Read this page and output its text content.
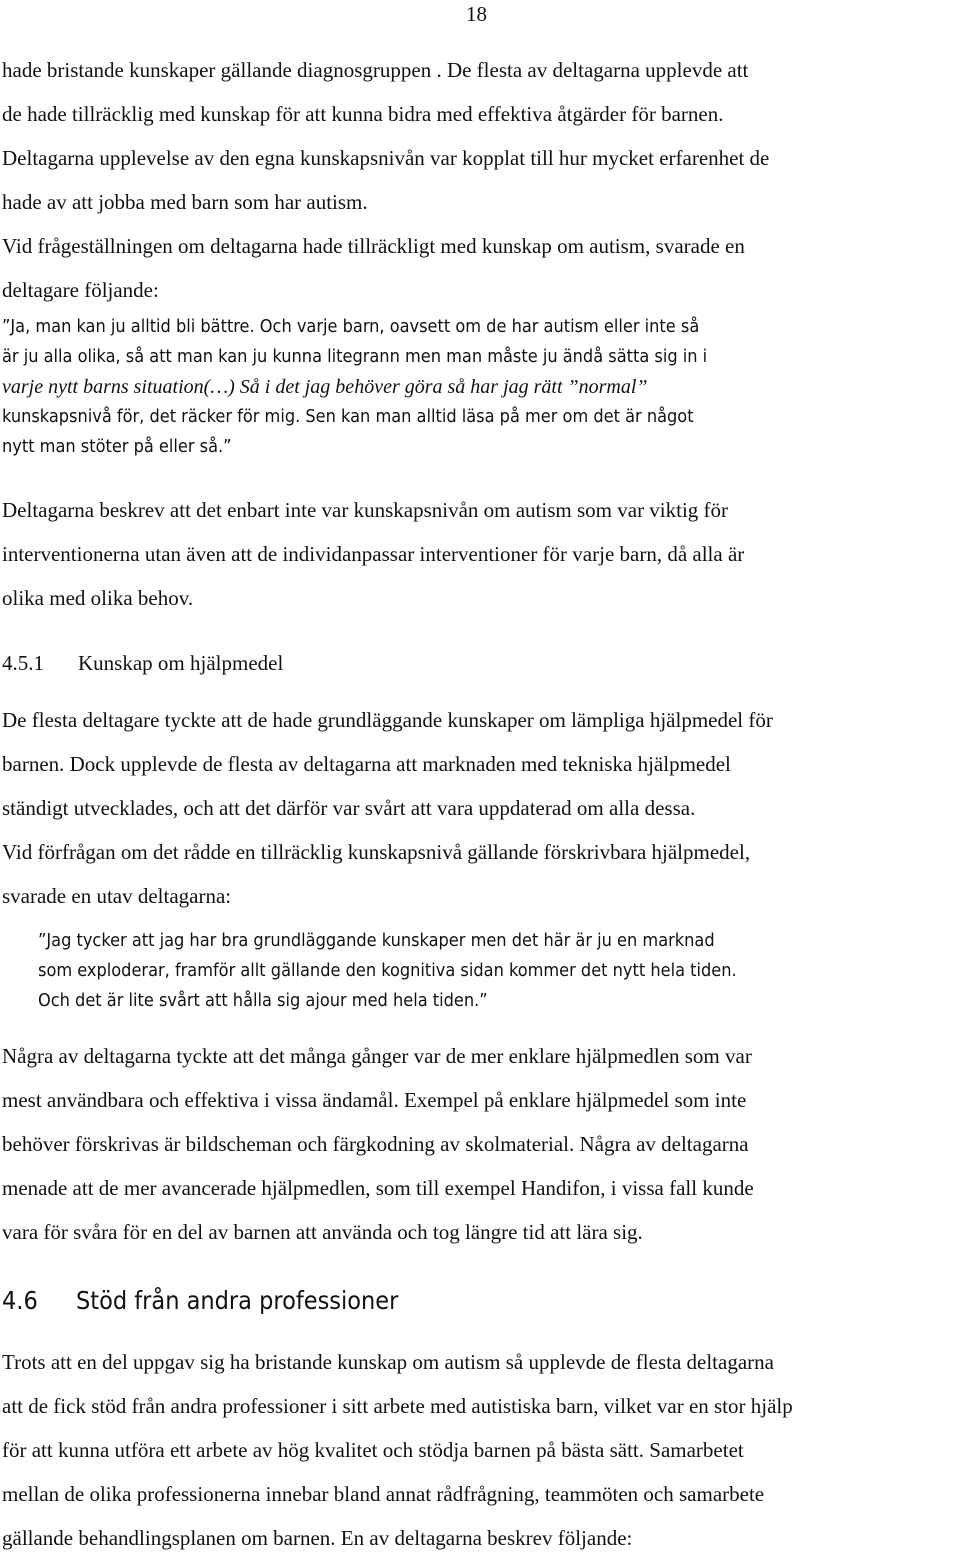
18
hade bristande kunskaper gällande diagnosgruppen . De flesta av deltagarna upplevde att
de hade tillräcklig med kunskap för att kunna bidra med effektiva åtgärder för barnen.
Deltagarna upplevelse av den egna kunskapsnivån var kopplat till hur mycket erfarenhet de
hade av att jobba med barn som har autism.
Vid frågeställningen om deltagarna hade tillräckligt med kunskap om autism, svarade en
deltagare följande:
”Ja, man kan ju alltid bli bättre. Och varje barn, oavsett om de har autism eller inte så
är ju alla olika, så att man kan ju kunna litegrann men man måste ju ändå sätta sig in i
varje nytt barns situation(…) Så i det jag behöver göra så har jag rätt ”normal”
kunskapsnivå för, det räcker för mig. Sen kan man alltid läsa på mer om det är något
nytt man stöter på eller så.”
Deltagarna beskrev att det enbart inte var kunskapsnivån om autism som var viktig för
interventionerna utan även att de individanpassar interventioner för varje barn, då alla är
olika med olika behov.
4.5.1 Kunskap om hjälpmedel
De flesta deltagare tyckte att de hade grundläggande kunskaper om lämpliga hjälpmedel för
barnen. Dock upplevde de flesta av deltagarna att marknaden med tekniska hjälpmedel
ständigt utvecklades, och att det därför var svårt att vara uppdaterad om alla dessa.
Vid förfrågan om det rådde en tillräcklig kunskapsnivå gällande förskrivbara hjälpmedel,
svarade en utav deltagarna:
”Jag tycker att jag har bra grundläggande kunskaper men det här är ju en marknad
som exploderar, framför allt gällande den kognitiva sidan kommer det nytt hela tiden.
Och det är lite svårt att hålla sig ajour med hela tiden.”
Några av deltagarna tyckte att det många gånger var de mer enklare hjälpmedlen som var
mest användbara och effektiva i vissa ändamål. Exempel på enklare hjälpmedel som inte
behöver förskrivas är bildscheman och färgkodning av skolmaterial. Några av deltagarna
menade att de mer avancerade hjälpmedlen, som till exempel Handifon, i vissa fall kunde
vara för svåra för en del av barnen att använda och tog längre tid att lära sig.
4.6 Stöd från andra professioner
Trots att en del uppgav sig ha bristande kunskap om autism så upplevde de flesta deltagarna
att de fick stöd från andra professioner i sitt arbete med autistiska barn, vilket var en stor hjälp
för att kunna utföra ett arbete av hög kvalitet och stödja barnen på bästa sätt. Samarbetet
mellan de olika professionerna innebar bland annat rådfrågning, teammöten och samarbete
gällande behandlingsplanen om barnen. En av deltagarna beskrev följande:
